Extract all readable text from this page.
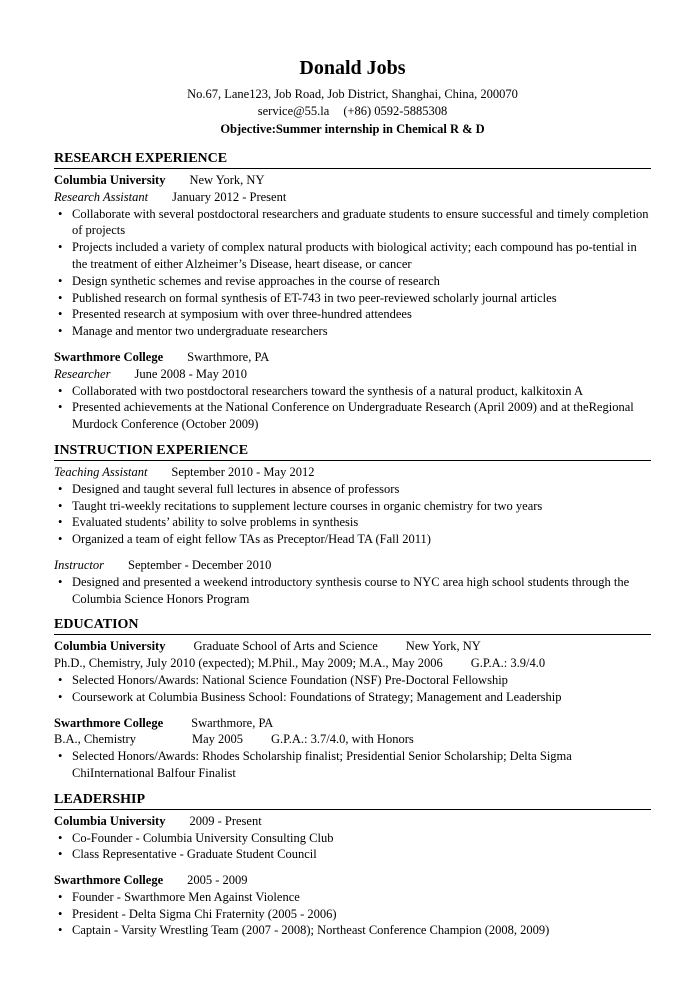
Donald Jobs
No.67, Lane123, Job Road, Job District, Shanghai, China, 200070
service@55.la (+86) 0592-5885308
Objective:Summer internship in Chemical R & D
RESEARCH EXPERIENCE
Columbia University New York, NY
Research Assistant January 2012 - Present
• Collaborate with several postdoctoral researchers and graduate students to ensure successful and timely completion of projects
• Projects included a variety of complex natural products with biological activity; each compound has po-tential in the treatment of either Alzheimer’s Disease, heart disease, or cancer
• Design synthetic schemes and revise approaches in the course of research
• Published research on formal synthesis of ET-743 in two peer-reviewed scholarly journal articles
• Presented research at symposium with over three-hundred attendees
• Manage and mentor two undergraduate researchers
Swarthmore College Swarthmore, PA
Researcher June 2008 - May 2010
• Collaborated with two postdoctoral researchers toward the synthesis of a natural product, kalkitoxin A
• Presented achievements at the National Conference on Undergraduate Research (April 2009) and at theRegional Murdock Conference (October 2009)
INSTRUCTION EXPERIENCE
Teaching Assistant September 2010 - May 2012
• Designed and taught several full lectures in absence of professors
• Taught tri-weekly recitations to supplement lecture courses in organic chemistry for two years
• Evaluated students’ ability to solve problems in synthesis
• Organized a team of eight fellow TAs as Preceptor/Head TA (Fall 2011)
Instructor September - December 2010
• Designed and presented a weekend introductory synthesis course to NYC area high school students through the Columbia Science Honors Program
EDUCATION
Columbia University Graduate School of Arts and Science New York, NY
Ph.D., Chemistry, July 2010 (expected); M.Phil., May 2009; M.A., May 2006 G.P.A.: 3.9/4.0
• Selected Honors/Awards: National Science Foundation (NSF) Pre-Doctoral Fellowship
• Coursework at Columbia Business School: Foundations of Strategy; Management and Leadership
Swarthmore College Swarthmore, PA
B.A., Chemistry	May 2005 G.P.A.: 3.7/4.0, with Honors
• Selected Honors/Awards: Rhodes Scholarship finalist; Presidential Senior Scholarship; Delta Sigma ChiInternational Balfour Finalist
LEADERSHIP
Columbia University 2009 - Present
• Co-Founder - Columbia University Consulting Club
• Class Representative - Graduate Student Council
Swarthmore College 2005 - 2009
• Founder - Swarthmore Men Against Violence
• President - Delta Sigma Chi Fraternity (2005 - 2006)
• Captain - Varsity Wrestling Team (2007 - 2008); Northeast Conference Champion (2008, 2009)
